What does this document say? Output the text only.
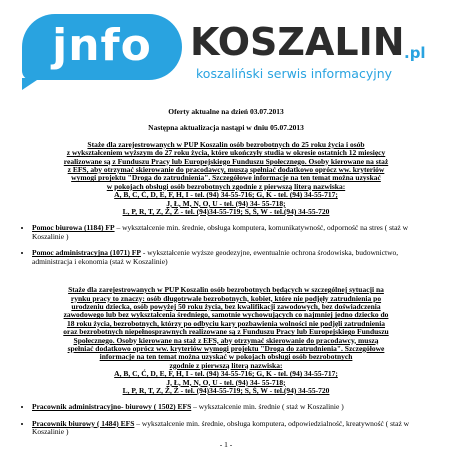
jnfo	KOSZALIN .pl
koszaliński serwis informacyjny

Oferty aktualne na dzień 03.07.2013

Następna aktualizacja nastąpi w dniu 05.07.2013

Staże dla zarejestrowanych w PUP Koszalin osób bezrobotnych do 25 roku życia i osób

z wykształceniem wyższym do 27 roku życia, które ukończyły studia w okresie ostatnich 12 miesięcy

realizowane są z Funduszu Pracy lub Europejskiego Funduszu Społecznego. Osoby kierowane na staż

z EFS, aby otrzymać skierowanie do pracodawcy, muszą spełniać dodatkowo oprócz ww. kryteriów

wymogi projektu "Droga do zatrudnienia". Szczegółowe informacje na ten temat można uzyskać

w pokojach obsługi osób bezrobotnych zgodnie z pierwszą literą nazwiska:

A, B, C, Ć, D, E, F, H, I - tel. (94) 34-55-716; G, K - tel. (94) 34-55-717;

J, Ł, M, N, O, U - tel. (94) 34- 55-718;

L, P, R, T, Z, Ż, Ź - tel. (94)34-55-719; S, Ś, W - tel.(94) 34-55-720

• Pomoc biurowa (1184) FP – wykształcenie min. średnie, obsługa komputera, komunikatywność, odporność na stres ( staż w Koszalinie )
• Pomoc administracyjna (1071) FP - wykształcenie wyższe geodezyjne, ewentualnie ochrona środowiska, budownictwo, administracja i ekonomia (staż w Koszalinie)

Staże dla zarejestrowanych w PUP Koszalin osób bezrobotnych będących w szczególnej sytuacji na

rynku pracy to znaczy: osób długotrwale bezrobotnych, kobiet, które nie podjęły zatrudnienia po

urodzeniu dziecka, osób powyżej 50 roku życia, bez kwalifikacji zawodowych, bez doświadczenia

zawodowego lub bez wykształcenia średniego, samotnie wychowujących co najmniej jedno dziecko do

18 roku życia, bezrobotnych, którzy po odbyciu kary pozbawienia wolności nie podjęli zatrudnienia

oraz bezrobotnych niepełnosprawnych realizowane są z Funduszu Pracy lub Europejskiego Funduszu

Społecznego. Osoby kierowane na staż z EFS, aby otrzymać skierowanie do pracodawcy, muszą

spełniać dodatkowo oprócz ww. kryteriów wymogi projektu "Droga do zatrudnienia". Szczegółowe

informacje na ten temat można uzyskać w pokojach obsługi osób bezrobotnych

zgodnie z pierwszą literą nazwiska:

A, B, C, Ć, D, E, F, H, I - tel. (94) 34-55-716; G, K - tel. (94) 34-55-717;

J, Ł, M, N, O, U - tel. (94) 34- 55-718;

L, P, R, T, Z, Ż, Ź - tel. (94)34-55-719; S, Ś, W - tel.(94) 34-55-720

• Pracownik administracyjno- biurowy ( 1502) EFS – wykształcenie min. średnie ( staż w Koszalinie )
• Pracownik biurowy ( 1484) EFS – wykształcenie min. średnie, obsługa komputera, odpowiedzialność, kreatywność ( staż w Koszalinie )
- 1 -
